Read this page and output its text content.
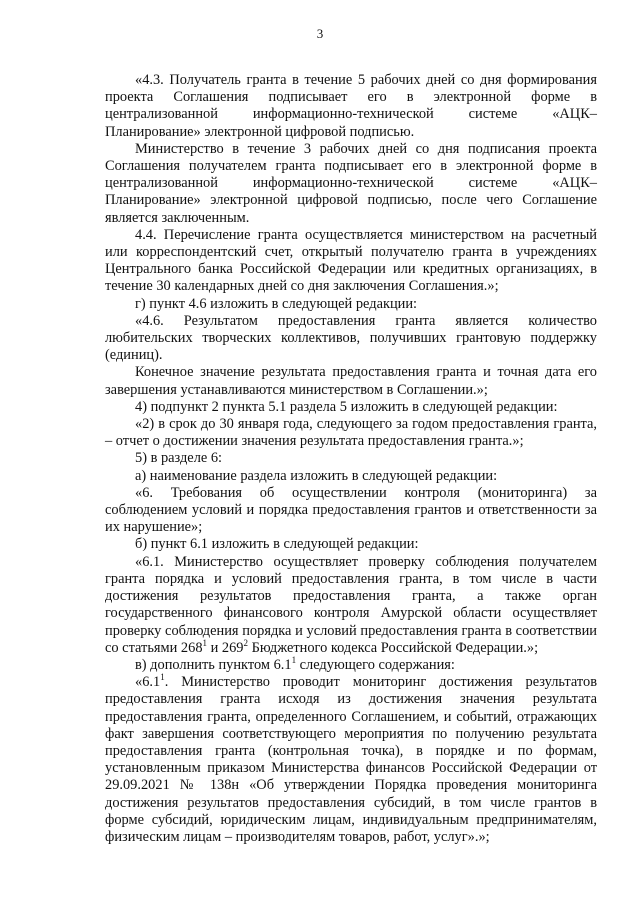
3

«4.3. Получатель гранта в течение 5 рабочих дней со дня формирования проекта Соглашения подписывает его в электронной форме в централизованной информационно-технической системе «АЦК–Планирование» электронной цифровой подписью.

Министерство в течение 3 рабочих дней со дня подписания проекта Соглашения получателем гранта подписывает его в электронной форме в централизованной информационно-технической системе «АЦК–Планирование» электронной цифровой подписью, после чего Соглашение является заключенным.

4.4. Перечисление гранта осуществляется министерством на расчетный или корреспондентский счет, открытый получателю гранта в учреждениях Центрального банка Российской Федерации или кредитных организациях, в течение 30 календарных дней со дня заключения Соглашения.»;

г) пункт 4.6 изложить в следующей редакции:

«4.6. Результатом предоставления гранта является количество любительских творческих коллективов, получивших грантовую поддержку (единиц).

Конечное значение результата предоставления гранта и точная дата его завершения устанавливаются министерством в Соглашении.»;

4) подпункт 2 пункта 5.1 раздела 5 изложить в следующей редакции:

«2) в срок до 30 января года, следующего за годом предоставления гранта, – отчет о достижении значения результата предоставления гранта.»;

5) в разделе 6:

а) наименование раздела изложить в следующей редакции:

«6. Требования об осуществлении контроля (мониторинга) за соблюдением условий и порядка предоставления грантов и ответственности за их нарушение»;

б) пункт 6.1 изложить в следующей редакции:

«6.1. Министерство осуществляет проверку соблюдения получателем гранта порядка и условий предоставления гранта, в том числе в части достижения результатов предоставления гранта, а также орган государственного финансового контроля Амурской области осуществляет проверку соблюдения порядка и условий предоставления гранта в соответствии со статьями $268^1$ и $269^2$ Бюджетного кодекса Российской Федерации.»;

в) дополнить пунктом $6.1^1$ следующего содержания:

«$6.1^1$. Министерство проводит мониторинг достижения результатов предоставления гранта исходя из достижения значения результата предоставления гранта, определенного Соглашением, и событий, отражающих факт завершения соответствующего мероприятия по получению результата предоставления гранта (контрольная точка), в порядке и по формам, установленным приказом Министерства финансов Российской Федерации от 29.09.2021 № 138н «Об утверждении Порядка проведения мониторинга достижения результатов предоставления субсидий, в том числе грантов в форме субсидий, юридическим лицам, индивидуальным предпринимателям, физическим лицам – производителям товаров, работ, услуг».»;
